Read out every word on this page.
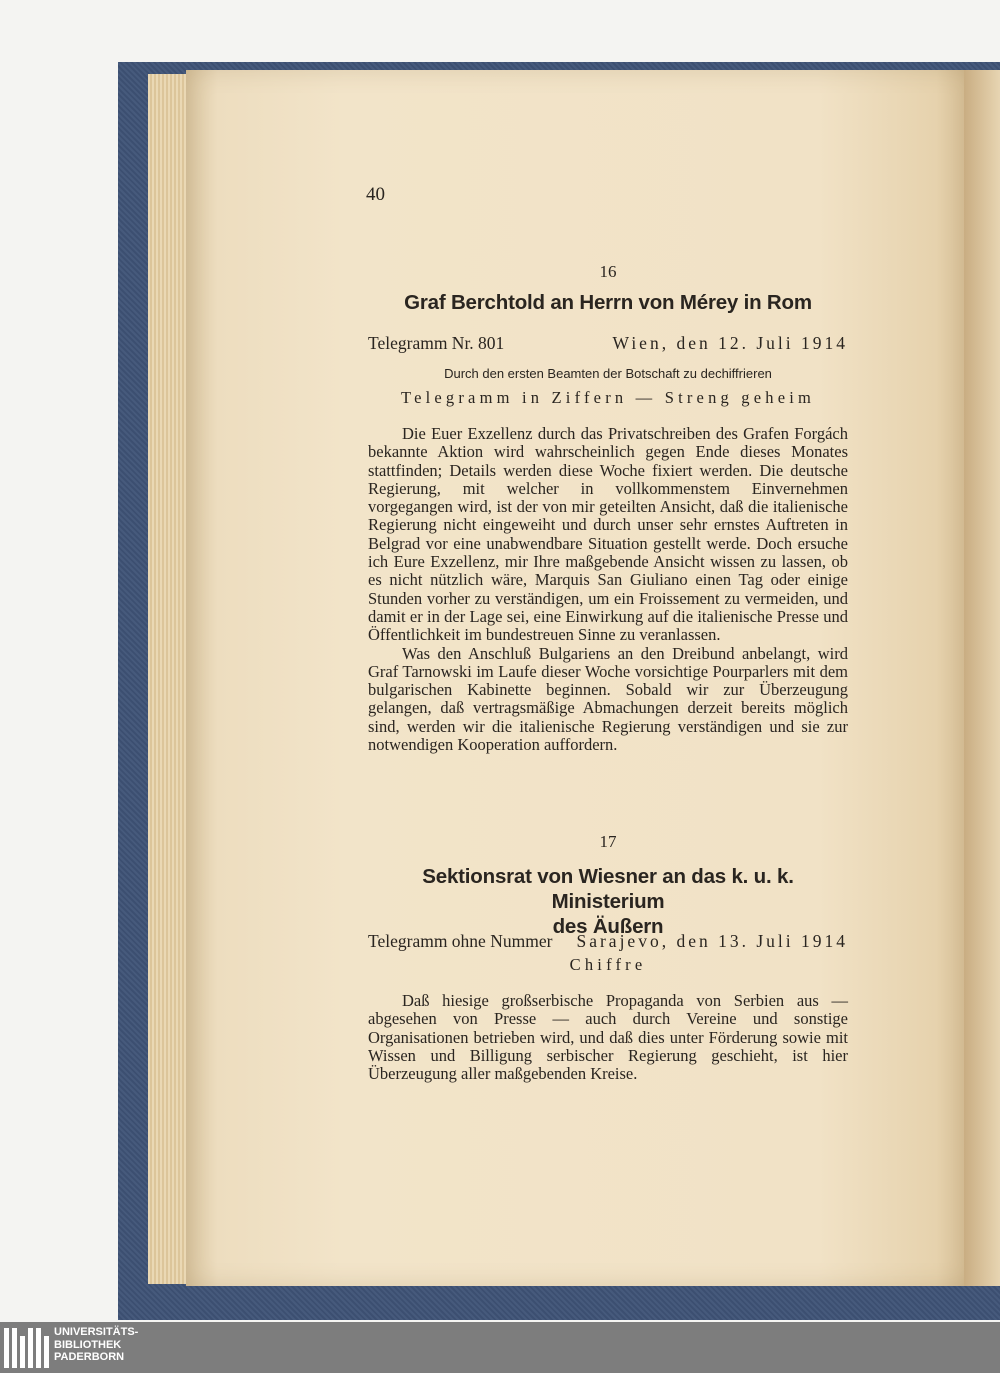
40
16
Graf Berchtold an Herrn von Mérey in Rom
Telegramm Nr. 801	Wien, den 12. Juli 1914
Durch den ersten Beamten der Botschaft zu dechiffrieren
Telegramm in Ziffern — Streng geheim

Die Euer Exzellenz durch das Privatschreiben des Grafen Forgách bekannte Aktion wird wahrscheinlich gegen Ende dieses Monates stattfinden; Details werden diese Woche fixiert werden. Die deutsche Regierung, mit welcher in vollkommenstem Einvernehmen vorgegangen wird, ist der von mir geteilten Ansicht, daß die italienische Regierung nicht eingeweiht und durch unser sehr ernstes Auftreten in Belgrad vor eine unabwendbare Situation gestellt werde. Doch ersuche ich Eure Exzellenz, mir Ihre maßgebende Ansicht wissen zu lassen, ob es nicht nützlich wäre, Marquis San Giuliano einen Tag oder einige Stunden vorher zu verständigen, um ein Froissement zu vermeiden, und damit er in der Lage sei, eine Einwirkung auf die italienische Presse und Öffentlichkeit im bundestreuen Sinne zu veranlassen.

Was den Anschluß Bulgariens an den Dreibund anbelangt, wird Graf Tarnowski im Laufe dieser Woche vorsichtige Pourparlers mit dem bulgarischen Kabinette beginnen. Sobald wir zur Überzeugung gelangen, daß vertragsmäßige Abmachungen derzeit bereits möglich sind, werden wir die italienische Regierung verständigen und sie zur notwendigen Kooperation auffordern.

17
Sektionsrat von Wiesner an das k. u. k. Ministerium
des Äußern
Telegramm ohne Nummer Sarajevo, den 13. Juli 1914
Chiffre

Daß hiesige großserbische Propaganda von Serbien aus — abgesehen von Presse — auch durch Vereine und sonstige Organisationen betrieben wird, und daß dies unter Förderung sowie mit Wissen und Billigung serbischer Regierung geschieht, ist hier Überzeugung aller maßgebenden Kreise.

UNIVERSITÄTS-
BIBLIOTHEK
PADERBORN
